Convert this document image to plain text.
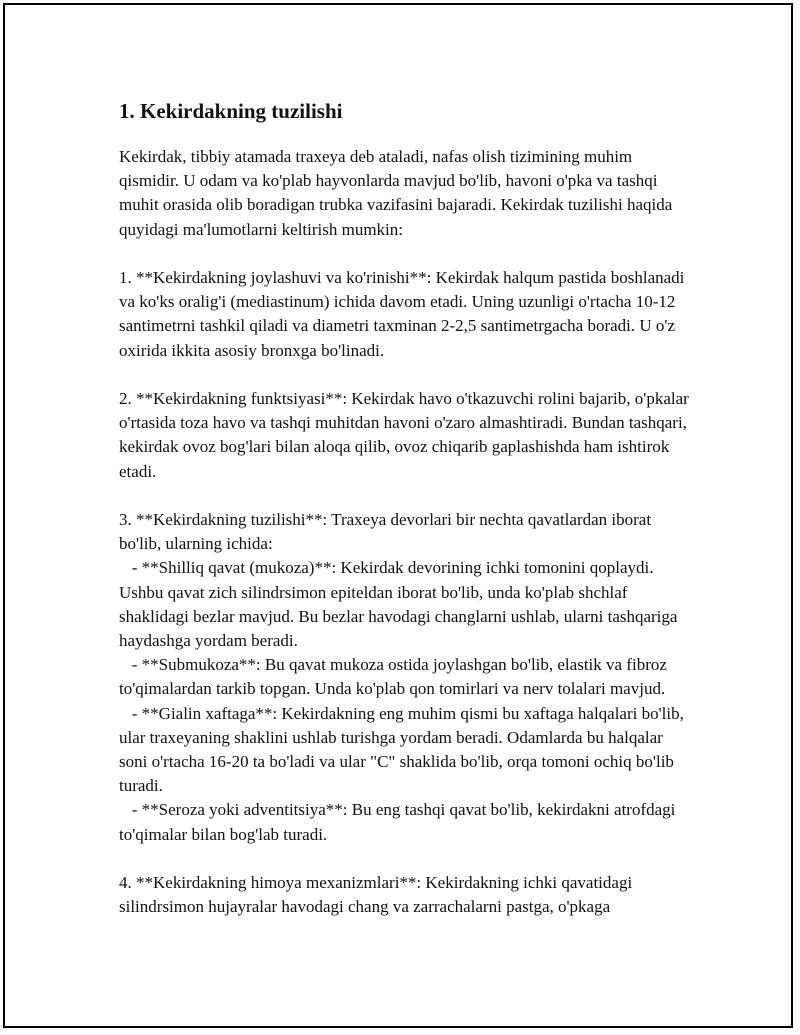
1. Kekirdakning tuzilishi

Kekirdak, tibbiy atamada traxeya deb ataladi, nafas olish tizimining muhim qismidir. U odam va ko'plab hayvonlarda mavjud bo'lib, havoni o'pka va tashqi muhit orasida olib boradigan trubka vazifasini bajaradi. Kekirdak tuzilishi haqida quyidagi ma'lumotlarni keltirish mumkin:

1. **Kekirdakning joylashuvi va ko'rinishi**: Kekirdak halqum pastida boshlanadi va ko'ks oralig'i (mediastinum) ichida davom etadi. Uning uzunligi o'rtacha 10-12 santimetrni tashkil qiladi va diametri taxminan 2-2,5 santimetrgacha boradi. U o'z oxirida ikkita asosiy bronxga bo'linadi.

2. **Kekirdakning funktsiyasi**: Kekirdak havo o'tkazuvchi rolini bajarib, o'pkalar o'rtasida toza havo va tashqi muhitdan havoni o'zaro almashtiradi. Bundan tashqari, kekirdak ovoz bog'lari bilan aloqa qilib, ovoz chiqarib gaplashishda ham ishtirok etadi.

3. **Kekirdakning tuzilishi**: Traxeya devorlari bir nechta qavatlardan iborat bo'lib, ularning ichida:

- **Shilliq qavat (mukoza)**: Kekirdak devorining ichki tomonini qoplaydi. Ushbu qavat zich silindrsimon epiteldan iborat bo'lib, unda ko'plab shchlaf shaklidagi bezlar mavjud. Bu bezlar havodagi changlarni ushlab, ularni tashqariga haydashga yordam beradi.

- **Submukoza**: Bu qavat mukoza ostida joylashgan bo'lib, elastik va fibroz to'qimalardan tarkib topgan. Unda ko'plab qon tomirlari va nerv tolalari mavjud.

- **Gialin xaftaga**: Kekirdakning eng muhim qismi bu xaftaga halqalari bo'lib, ular traxeyaning shaklini ushlab turishga yordam beradi. Odamlarda bu halqalar soni o'rtacha 16-20 ta bo'ladi va ular "C" shaklida bo'lib, orqa tomoni ochiq bo'lib turadi.

- **Seroza yoki adventitsiya**: Bu eng tashqi qavat bo'lib, kekirdakni atrofdagi to'qimalar bilan bog'lab turadi.

4. **Kekirdakning himoya mexanizmlari**: Kekirdakning ichki qavatidagi silindrsimon hujayralar havodagi chang va zarrachalarni pastga, o'pkaga
